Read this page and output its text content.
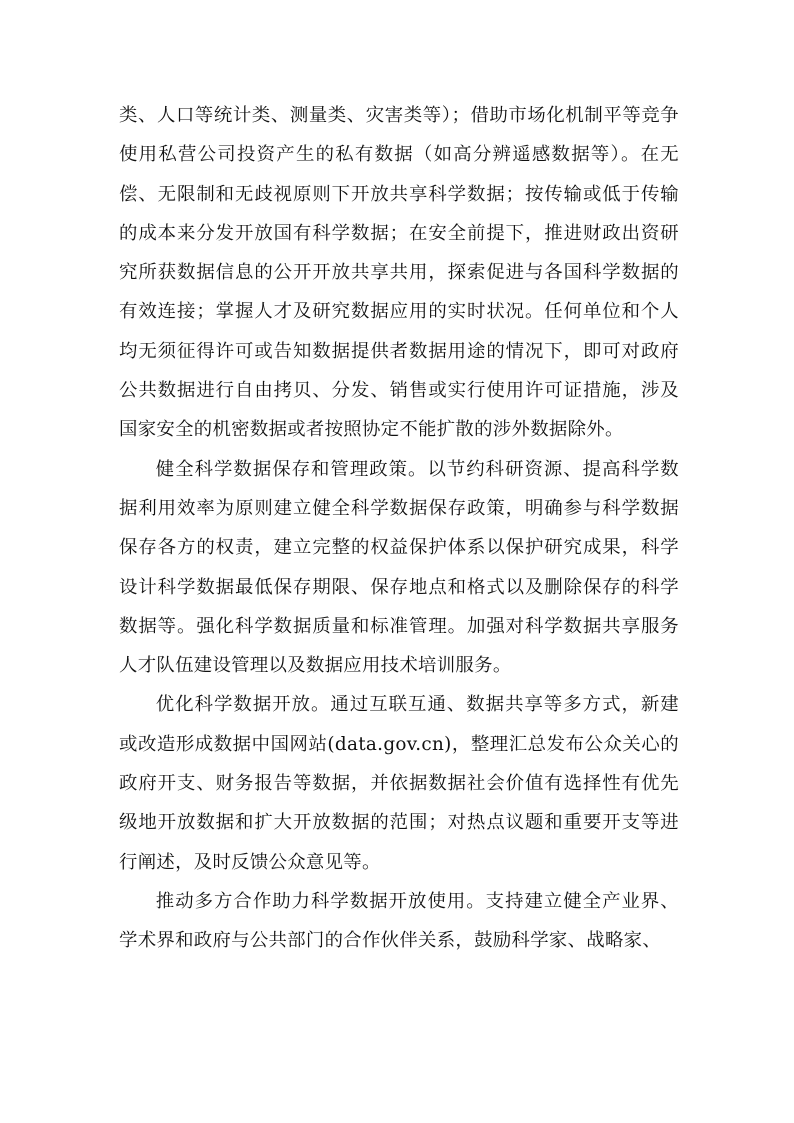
类、人口等统计类、测量类、灾害类等）；借助市场化机制平等竞争使用私营公司投资产生的私有数据（如高分辨遥感数据等）。在无偿、无限制和无歧视原则下开放共享科学数据；按传输或低于传输的成本来分发开放国有科学数据；在安全前提下，推进财政出资研究所获数据信息的公开开放共享共用，探索促进与各国科学数据的有效连接；掌握人才及研究数据应用的实时状况。任何单位和个人均无须征得许可或告知数据提供者数据用途的情况下，即可对政府公共数据进行自由拷贝、分发、销售或实行使用许可证措施，涉及国家安全的机密数据或者按照协定不能扩散的涉外数据除外。

健全科学数据保存和管理政策。以节约科研资源、提高科学数据利用效率为原则建立健全科学数据保存政策，明确参与科学数据保存各方的权责，建立完整的权益保护体系以保护研究成果，科学设计科学数据最低保存期限、保存地点和格式以及删除保存的科学数据等。强化科学数据质量和标准管理。加强对科学数据共享服务人才队伍建设管理以及数据应用技术培训服务。

优化科学数据开放。通过互联互通、数据共享等多方式，新建或改造形成数据中国网站(data.gov.cn)，整理汇总发布公众关心的政府开支、财务报告等数据，并依据数据社会价值有选择性有优先级地开放数据和扩大开放数据的范围；对热点议题和重要开支等进行阐述，及时反馈公众意见等。

推动多方合作助力科学数据开放使用。支持建立健全产业界、学术界和政府与公共部门的合作伙伴关系，鼓励科学家、战略家、
